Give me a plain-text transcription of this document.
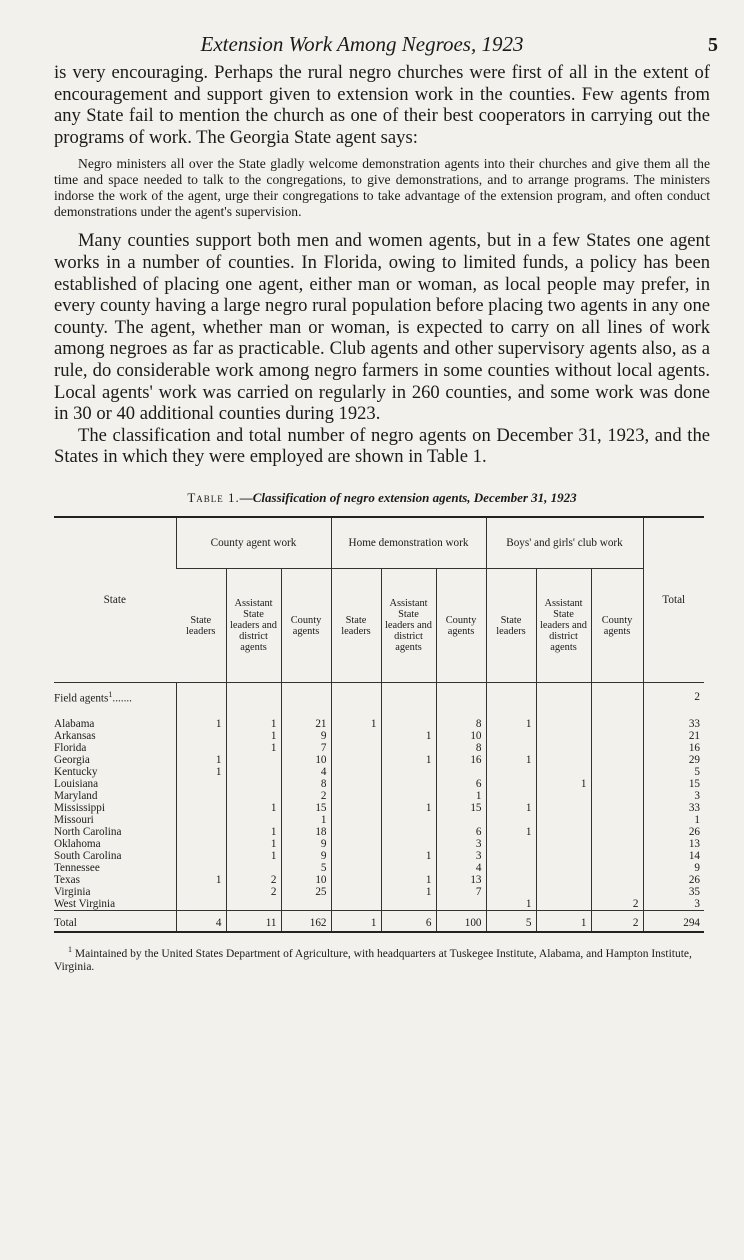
Extension Work Among Negroes, 1923	5

is very encouraging. Perhaps the rural negro churches were first of all in the extent of encouragement and support given to extension work in the counties. Few agents from any State fail to mention the church as one of their best cooperators in carrying out the programs of work. The Georgia State agent says:

Negro ministers all over the State gladly welcome demonstration agents into their churches and give them all the time and space needed to talk to the congregations, to give demonstrations, and to arrange programs. The ministers indorse the work of the agent, urge their congregations to take advantage of the extension program, and often conduct demonstrations under the agent's supervision.

Many counties support both men and women agents, but in a few States one agent works in a number of counties. In Florida, owing to limited funds, a policy has been established of placing one agent, either man or woman, as local people may prefer, in every county having a large negro rural population before placing two agents in any one county. The agent, whether man or woman, is expected to carry on all lines of work among negroes as far as practicable. Club agents and other supervisory agents also, as a rule, do considerable work among negro farmers in some counties without local agents. Local agents' work was carried on regularly in 260 counties, and some work was done in 30 or 40 additional counties during 1923.

The classification and total number of negro agents on December 31, 1923, and the States in which they were employed are shown in Table 1.

Table 1.—Classification of negro extension agents, December 31, 1923
State	County agent work			Home demonstration work			Boys' and girls' club work			Total
	State leaders	Assistant State leaders and district agents	County agents	State leaders	Assistant State leaders and district agents	County agents	State leaders	Assistant State leaders and district agents	County agents	
Field agents$^1$.......										2
Alabama	1	1	21	1		8	1			33
Arkansas		1	9		1	10				21
Florida		1	7			8				16
Georgia	1		10		1	16	1			29
Kentucky	1		4							5
Louisiana			8			6		1		15
Maryland			2			1				3
Mississippi		1	15		1	15	1			33
Missouri			1							1
North Carolina		1	18			6	1			26
Oklahoma		1	9			3				13
South Carolina		1	9		1	3				14
Tennessee			5			4				9
Texas	1	2	10		1	13				26
Virginia		2	25		1	7				35
West Virginia							1		2	3
Total	4	11	162	1	6	100	5	1	2	294
$^1$ Maintained by the United States Department of Agriculture, with headquarters at Tuskegee Institute, Alabama, and Hampton Institute, Virginia.
